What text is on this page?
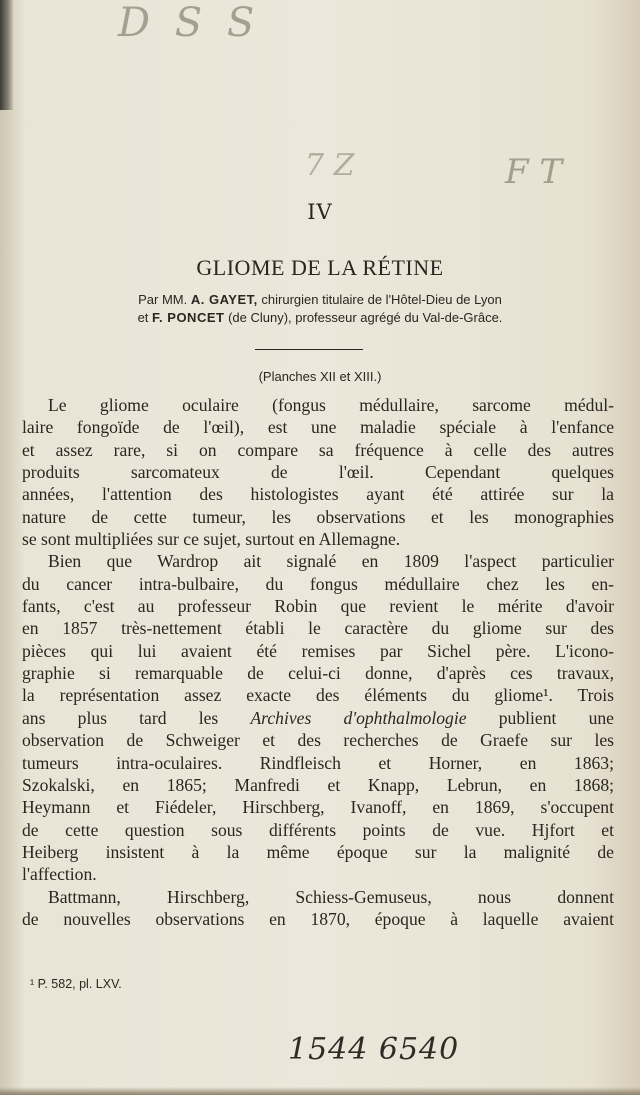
D S S
7 Z	F T
IV
GLIOME DE LA RÉTINE
Par MM. A. GAYET, chirurgien titulaire de l'Hôtel-Dieu de Lyon
et F. PONCET (de Cluny), professeur agrégé du Val-de-Grâce.
(Planches XII et XIII.)

Le gliome oculaire (fongus médullaire, sarcome médul-

laire fongoïde de l'œil), est une maladie spéciale à l'enfance

et assez rare, si on compare sa fréquence à celle des autres

produits sarcomateux de l'œil. Cependant quelques

années, l'attention des histologistes ayant été attirée sur la

nature de cette tumeur, les observations et les monographies

se sont multipliées sur ce sujet, surtout en Allemagne.

Bien que Wardrop ait signalé en 1809 l'aspect particulier

du cancer intra-bulbaire, du fongus médullaire chez les en-

fants, c'est au professeur Robin que revient le mérite d'avoir

en 1857 très-nettement établi le caractère du gliome sur des

pièces qui lui avaient été remises par Sichel père. L'icono-

graphie si remarquable de celui-ci donne, d'après ces travaux,

la représentation assez exacte des éléments du gliome¹. Trois

ans plus tard les Archives d'ophthalmologie publient une

observation de Schweiger et des recherches de Graefe sur les

tumeurs intra-oculaires. Rindfleisch et Horner, en 1863;

Szokalski, en 1865; Manfredi et Knapp, Lebrun, en 1868;

Heymann et Fiédeler, Hirschberg, Ivanoff, en 1869, s'occupent

de cette question sous différents points de vue. Hjfort et

Heiberg insistent à la même époque sur la malignité de

l'affection.

Battmann, Hirschberg, Schiess-Gemuseus, nous donnent

de nouvelles observations en 1870, époque à laquelle avaient

¹ P. 582, pl. LXV.
1544 6540
